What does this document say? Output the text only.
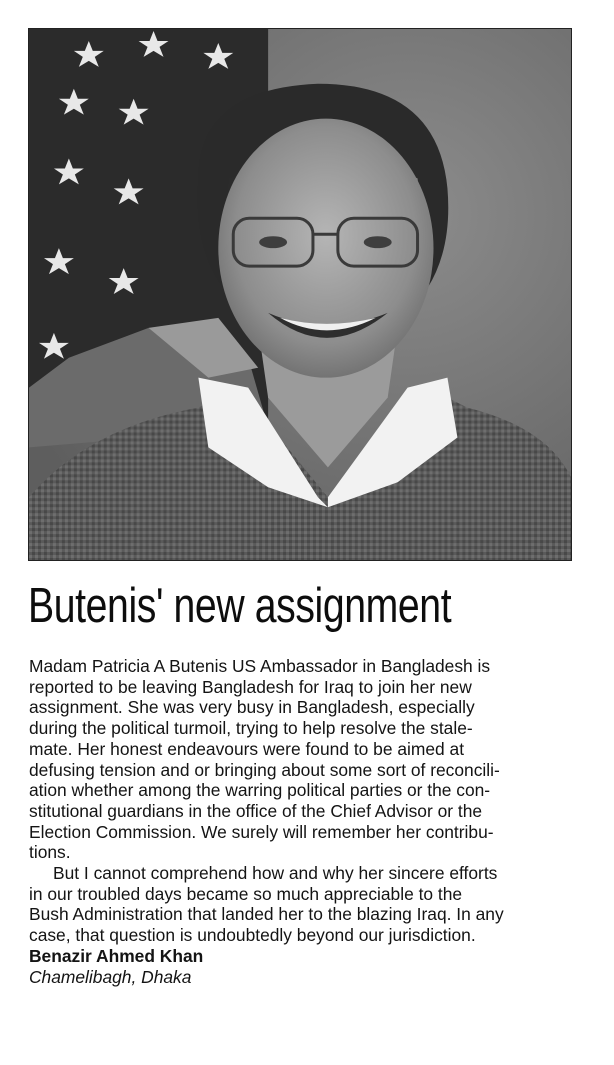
Butenis' new assignment

Madam Patricia A Butenis US Ambassador in Bangladesh is
reported to be leaving Bangladesh for Iraq to join her new
assignment. She was very busy in Bangladesh, especially
during the political turmoil, trying to help resolve the stale-
mate. Her honest endeavours were found to be aimed at
defusing tension and or bringing about some sort of reconcili-
ation whether among the warring political parties or the con-
stitutional guardians in the office of the Chief Advisor or the
Election Commission. We surely will remember her contribu-
tions.

But I cannot comprehend how and why her sincere efforts
in our troubled days became so much appreciable to the
Bush Administration that landed her to the blazing Iraq. In any
case, that question is undoubtedly beyond our jurisdiction.

Benazir Ahmed Khan
Chamelibagh, Dhaka
